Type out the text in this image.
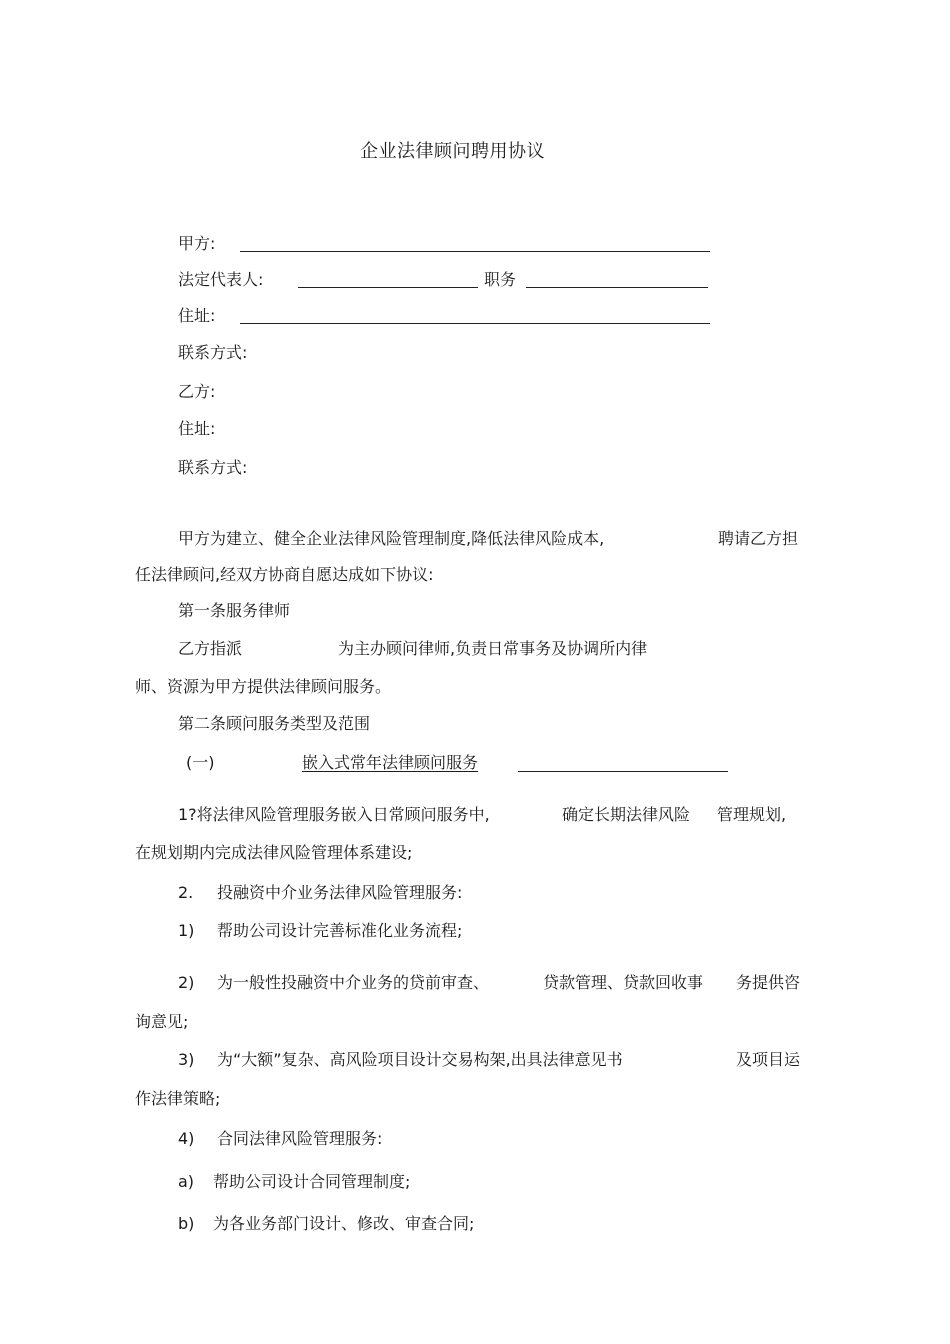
企业法律顾问聘用协议
甲方:
法定代表人:	职务
住址:
联系方式:
乙方:
住址:
联系方式:
甲方为建立、健全企业法律风险管理制度,降低法律风险成本,	聘请乙方担
任法律顾问,经双方协商自愿达成如下协议:
第一条服务律师
乙方指派	为主办顾问律师,负责日常事务及协调所内律
师、资源为甲方提供法律顾问服务。
第二条顾问服务类型及范围
(一)	嵌入式常年法律顾问服务
1?将法律风险管理服务嵌入日常顾问服务中,	确定长期法律风险 管理规划,
在规划期内完成法律风险管理体系建设;
2. 投融资中介业务法律风险管理服务:
1) 帮助公司设计完善标准化业务流程;
2) 为一般性投融资中介业务的贷前审查、	贷款管理、贷款回收事 务提供咨
询意见;
3) 为“大额”复杂、高风险项目设计交易构架,出具法律意见书	及项目运
作法律策略;
4) 合同法律风险管理服务:
a) 帮助公司设计合同管理制度;
b) 为各业务部门设计、修改、审查合同;
